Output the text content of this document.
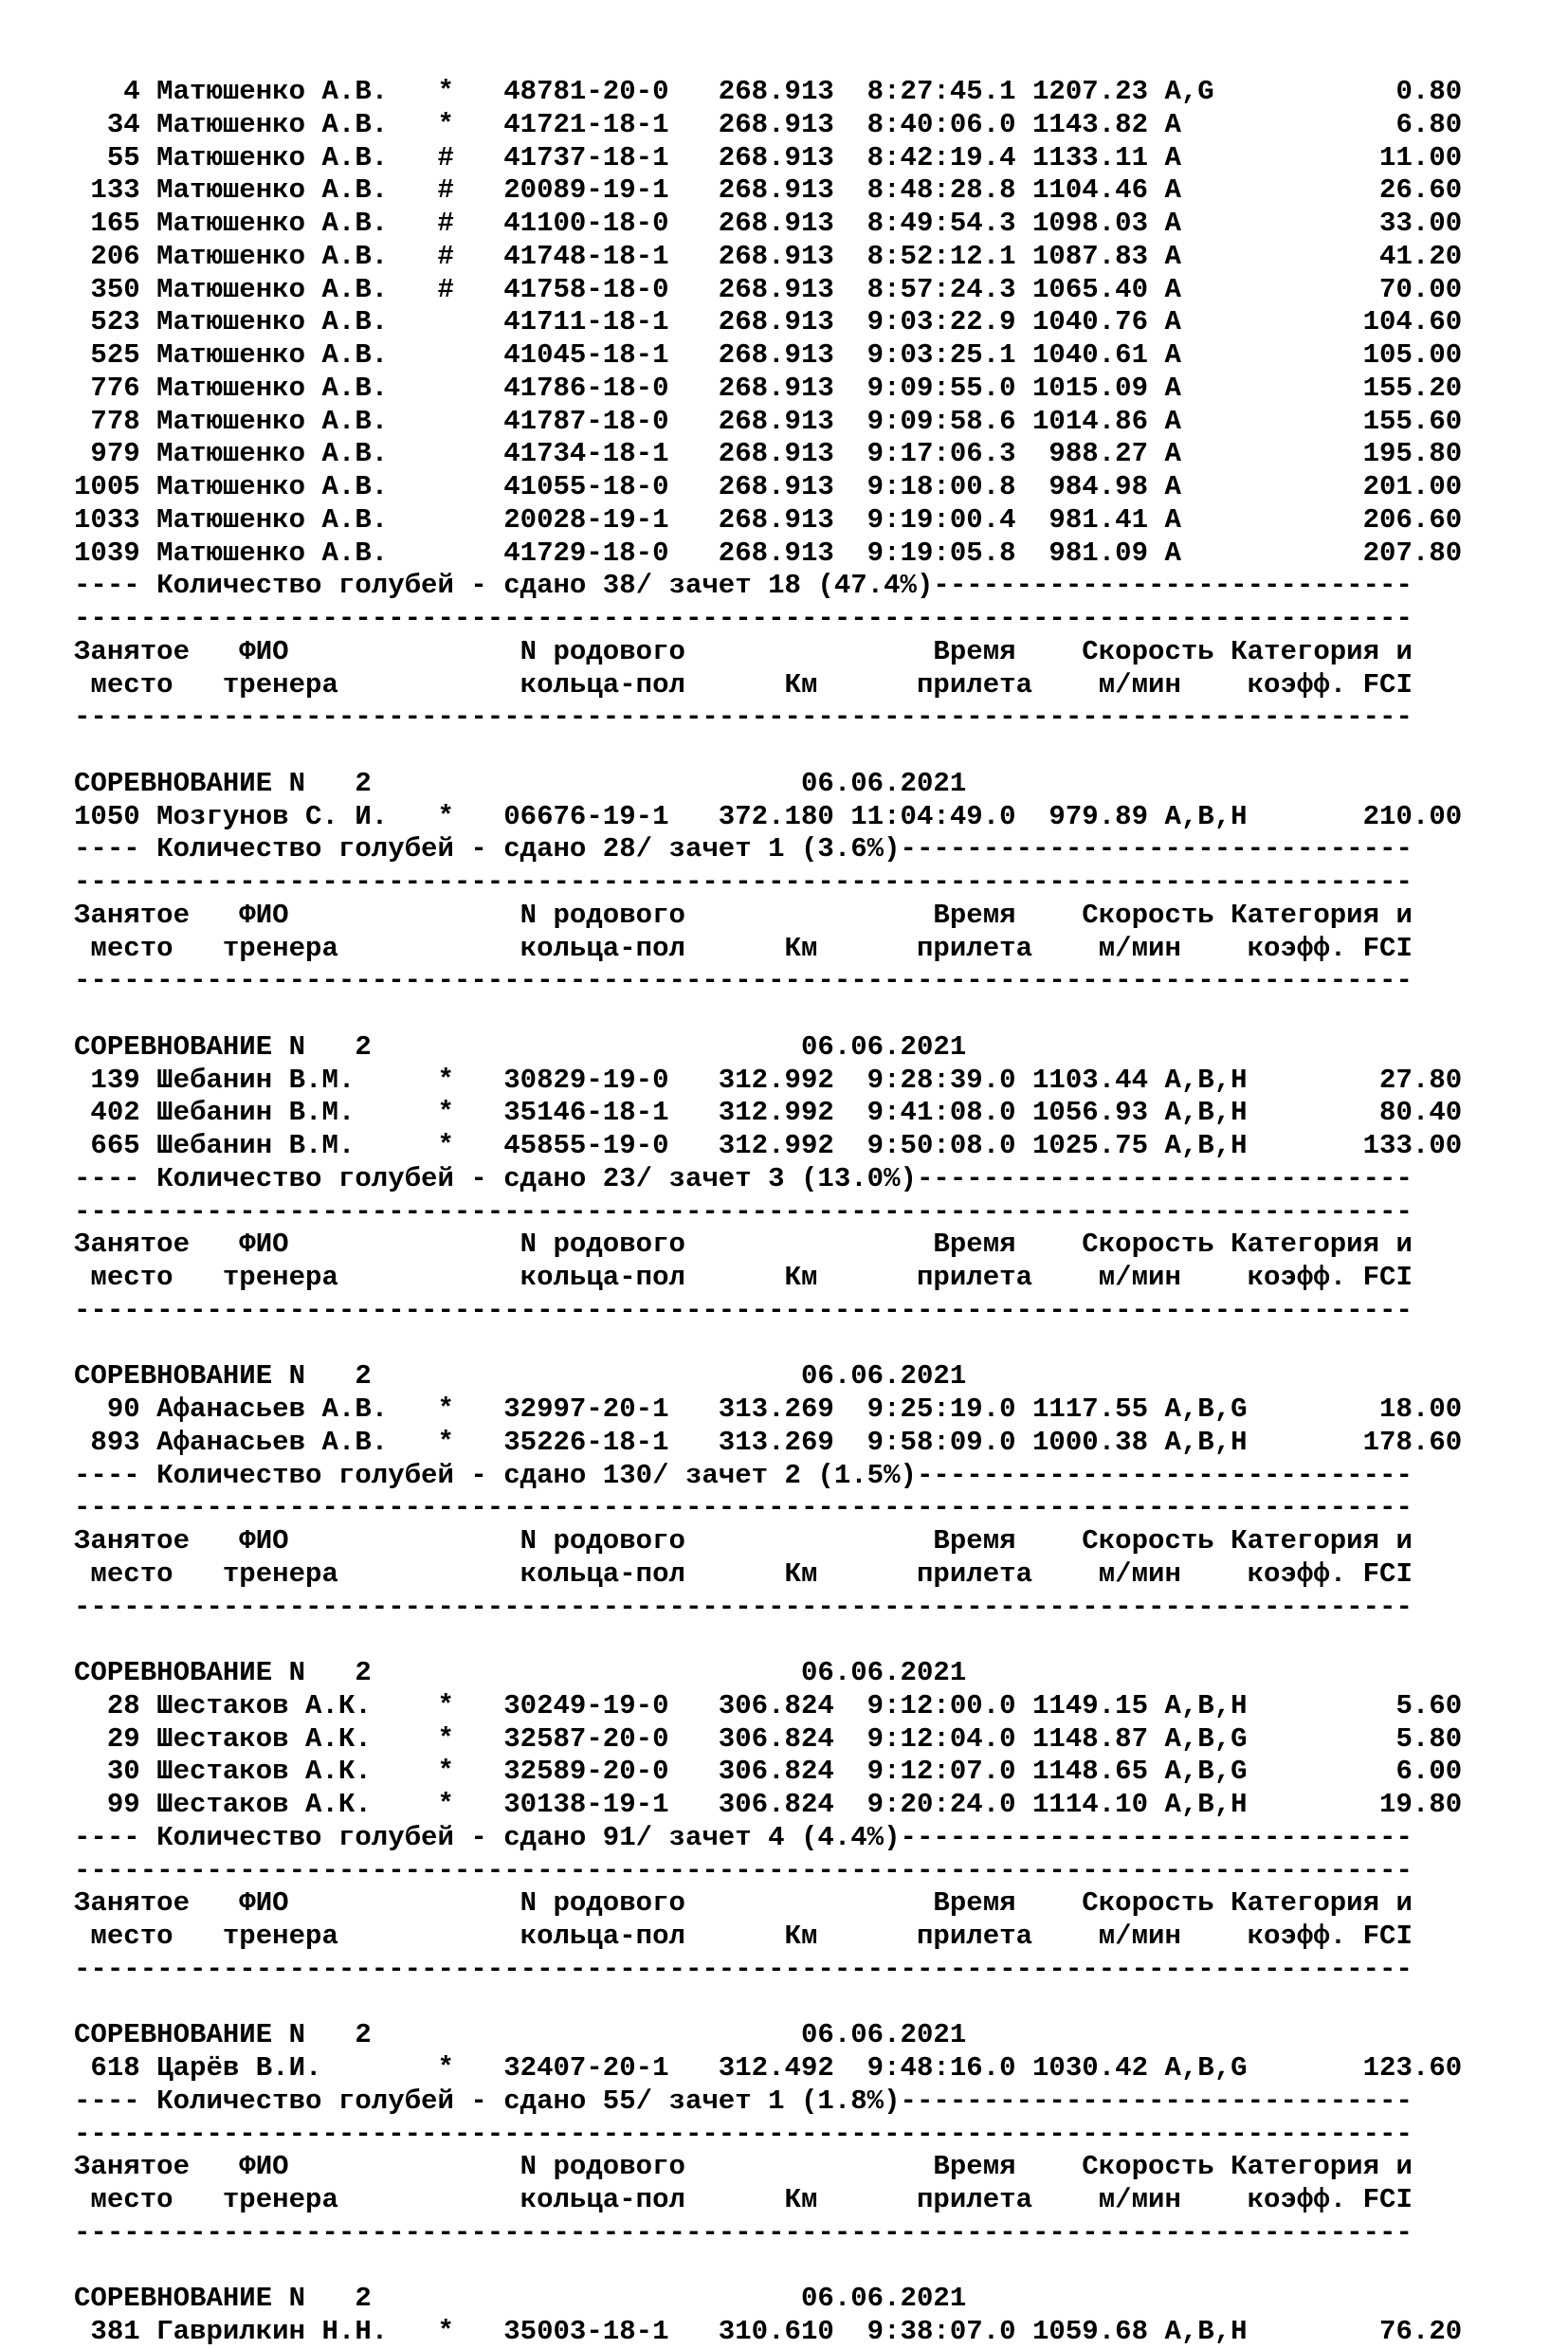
4 Матюшенко А.В.   *   48781-20-0   268.913  8:27:45.1 1207.23 A,G           0.80
34 Матюшенко А.В.   *   41721-18-1   268.913  8:40:06.0 1143.82 A             6.80
55 Матюшенко А.В.   #   41737-18-1   268.913  8:42:19.4 1133.11 A            11.00
133 Матюшенко А.В.   #   20089-19-1   268.913  8:48:28.8 1104.46 A            26.60
165 Матюшенко А.В.   #   41100-18-0   268.913  8:49:54.3 1098.03 A            33.00
206 Матюшенко А.В.   #   41748-18-1   268.913  8:52:12.1 1087.83 A            41.20
350 Матюшенко А.В.   #   41758-18-0   268.913  8:57:24.3 1065.40 A            70.00
523 Матюшенко А.В.       41711-18-1   268.913  9:03:22.9 1040.76 A           104.60
525 Матюшенко А.В.       41045-18-1   268.913  9:03:25.1 1040.61 A           105.00
776 Матюшенко А.В.       41786-18-0   268.913  9:09:55.0 1015.09 A           155.20
778 Матюшенко А.В.       41787-18-0   268.913  9:09:58.6 1014.86 A           155.60
979 Матюшенко А.В.       41734-18-1   268.913  9:17:06.3  988.27 A           195.80
1005 Матюшенко А.В.       41055-18-0   268.913  9:18:00.8  984.98 A           201.00
1033 Матюшенко А.В.       20028-19-1   268.913  9:19:00.4  981.41 A           206.60
1039 Матюшенко А.В.       41729-18-0   268.913  9:19:05.8  981.09 A           207.80
---- Количество голубей - сдано 38/ зачет 18 (47.4%)-----------------------------
---------------------------------------------------------------------------------
Занятое   ФИО              N родового               Время    Скорость Категория и
место   тренера           кольца-пол      Км      прилета    м/мин    коэфф. FCI
---------------------------------------------------------------------------------
СОРЕВНОВАНИЕ N   2                          06.06.2021
1050 Мозгунов С. И.   *   06676-19-1   372.180 11:04:49.0  979.89 A,B,H       210.00
---- Количество голубей - сдано 28/ зачет 1 (3.6%)-------------------------------
---------------------------------------------------------------------------------
Занятое   ФИО              N родового               Время    Скорость Категория и
место   тренера           кольца-пол      Км      прилета    м/мин    коэфф. FCI
---------------------------------------------------------------------------------
СОРЕВНОВАНИЕ N   2                          06.06.2021
139 Шебанин В.М.     *   30829-19-0   312.992  9:28:39.0 1103.44 A,B,H        27.80
402 Шебанин В.М.     *   35146-18-1   312.992  9:41:08.0 1056.93 A,B,H        80.40
665 Шебанин В.М.     *   45855-19-0   312.992  9:50:08.0 1025.75 A,B,H       133.00
---- Количество голубей - сдано 23/ зачет 3 (13.0%)------------------------------
---------------------------------------------------------------------------------
Занятое   ФИО              N родового               Время    Скорость Категория и
место   тренера           кольца-пол      Км      прилета    м/мин    коэфф. FCI
---------------------------------------------------------------------------------
СОРЕВНОВАНИЕ N   2                          06.06.2021
90 Афанасьев А.В.   *   32997-20-1   313.269  9:25:19.0 1117.55 A,B,G        18.00
893 Афанасьев А.В.   *   35226-18-1   313.269  9:58:09.0 1000.38 A,B,H       178.60
---- Количество голубей - сдано 130/ зачет 2 (1.5%)------------------------------
---------------------------------------------------------------------------------
Занятое   ФИО              N родового               Время    Скорость Категория и
место   тренера           кольца-пол      Км      прилета    м/мин    коэфф. FCI
---------------------------------------------------------------------------------
СОРЕВНОВАНИЕ N   2                          06.06.2021
28 Шестаков А.К.    *   30249-19-0   306.824  9:12:00.0 1149.15 A,B,H         5.60
29 Шестаков А.К.    *   32587-20-0   306.824  9:12:04.0 1148.87 A,B,G         5.80
30 Шестаков А.К.    *   32589-20-0   306.824  9:12:07.0 1148.65 A,B,G         6.00
99 Шестаков А.К.    *   30138-19-1   306.824  9:20:24.0 1114.10 A,B,H        19.80
---- Количество голубей - сдано 91/ зачет 4 (4.4%)-------------------------------
---------------------------------------------------------------------------------
Занятое   ФИО              N родового               Время    Скорость Категория и
место   тренера           кольца-пол      Км      прилета    м/мин    коэфф. FCI
---------------------------------------------------------------------------------
СОРЕВНОВАНИЕ N   2                          06.06.2021
618 Царёв В.И.       *   32407-20-1   312.492  9:48:16.0 1030.42 A,B,G       123.60
---- Количество голубей - сдано 55/ зачет 1 (1.8%)-------------------------------
---------------------------------------------------------------------------------
Занятое   ФИО              N родового               Время    Скорость Категория и
место   тренера           кольца-пол      Км      прилета    м/мин    коэфф. FCI
---------------------------------------------------------------------------------
СОРЕВНОВАНИЕ N   2                          06.06.2021
381 Гаврилкин Н.Н.   *   35003-18-1   310.610  9:38:07.0 1059.68 A,B,H        76.20
